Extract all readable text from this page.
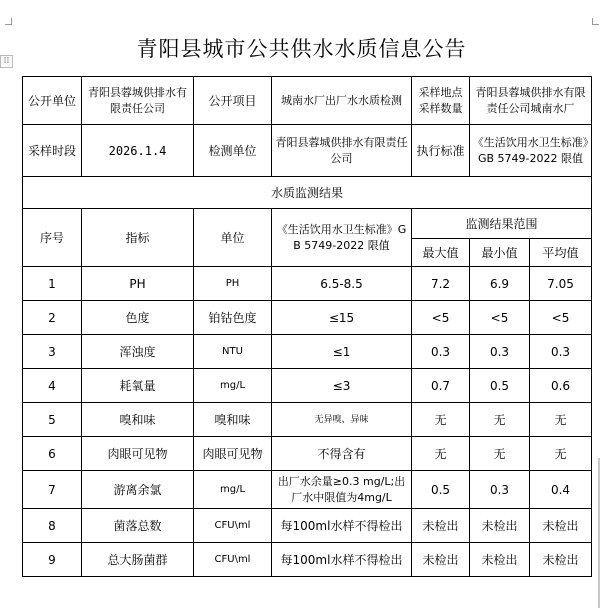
⁞⁞	青阳县城市公共供水水质信息公告
公开单位	青阳县蓉城供排水有限责任公司	公开项目	城南水厂出厂水水质检测	采样地点采样数量	青阳县蓉城供排水有限责任公司城南水厂	
采样时段	2026.1.4	检测单位	青阳县蓉城供排水有限责任公司	执行标准	《生活饮用水卫生标准》GB 5749-2022 限值	
水质监测结果						
序号	指标	单位	《生活饮用水卫生标准》GB 5749-2022 限值	监测结果范围		
				最大值	最小值	平均值
1	PH	PH	6.5-8.5	7.2	6.9	7.05
2	色度	铂钴色度	≤15	<5	<5	<5
3	浑浊度	NTU	≤1	0.3	0.3	0.3
4	耗氧量	mg/L	≤3	0.7	0.5	0.6
5	嗅和味	嗅和味	无异嗅、异味	无	无	无
6	肉眼可见物	肉眼可见物	不得含有	无	无	无
7	游离余氯	mg/L	出厂水余量≥0.3 mg/L;出厂水中限值为4mg/L	0.5	0.3	0.4
8	菌落总数	CFU\ml	每100ml水样不得检出	未检出	未检出	未检出
9	总大肠菌群	CFU\ml	每100ml水样不得检出	未检出	未检出	未检出
